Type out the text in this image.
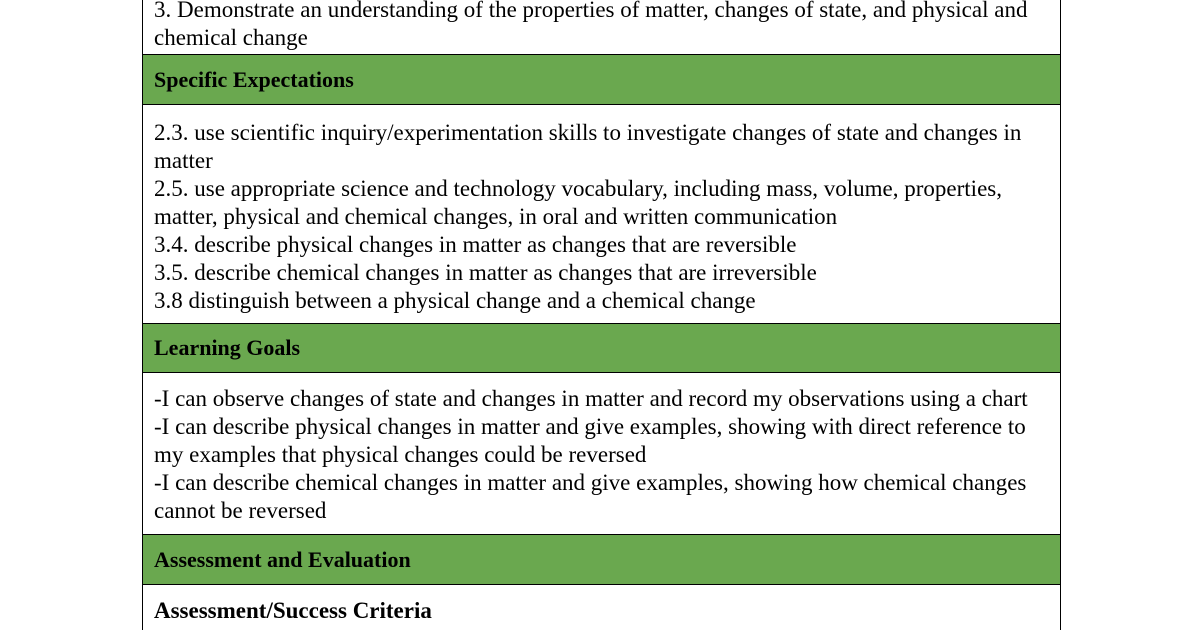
3. Demonstrate an understanding of the properties of matter, changes of state, and physical and chemical change

Specific Expectations

2.3. use scientific inquiry/experimentation skills to investigate changes of state and changes in matter

2.5. use appropriate science and technology vocabulary, including mass, volume, properties, matter, physical and chemical changes, in oral and written communication

3.4. describe physical changes in matter as changes that are reversible

3.5. describe chemical changes in matter as changes that are irreversible

3.8 distinguish between a physical change and a chemical change

Learning Goals

-I can observe changes of state and changes in matter and record my observations using a chart

-I can describe physical changes in matter and give examples, showing with direct reference to my examples that physical changes could be reversed

-I can describe chemical changes in matter and give examples, showing how chemical changes cannot be reversed

Assessment and Evaluation

Assessment/Success Criteria
